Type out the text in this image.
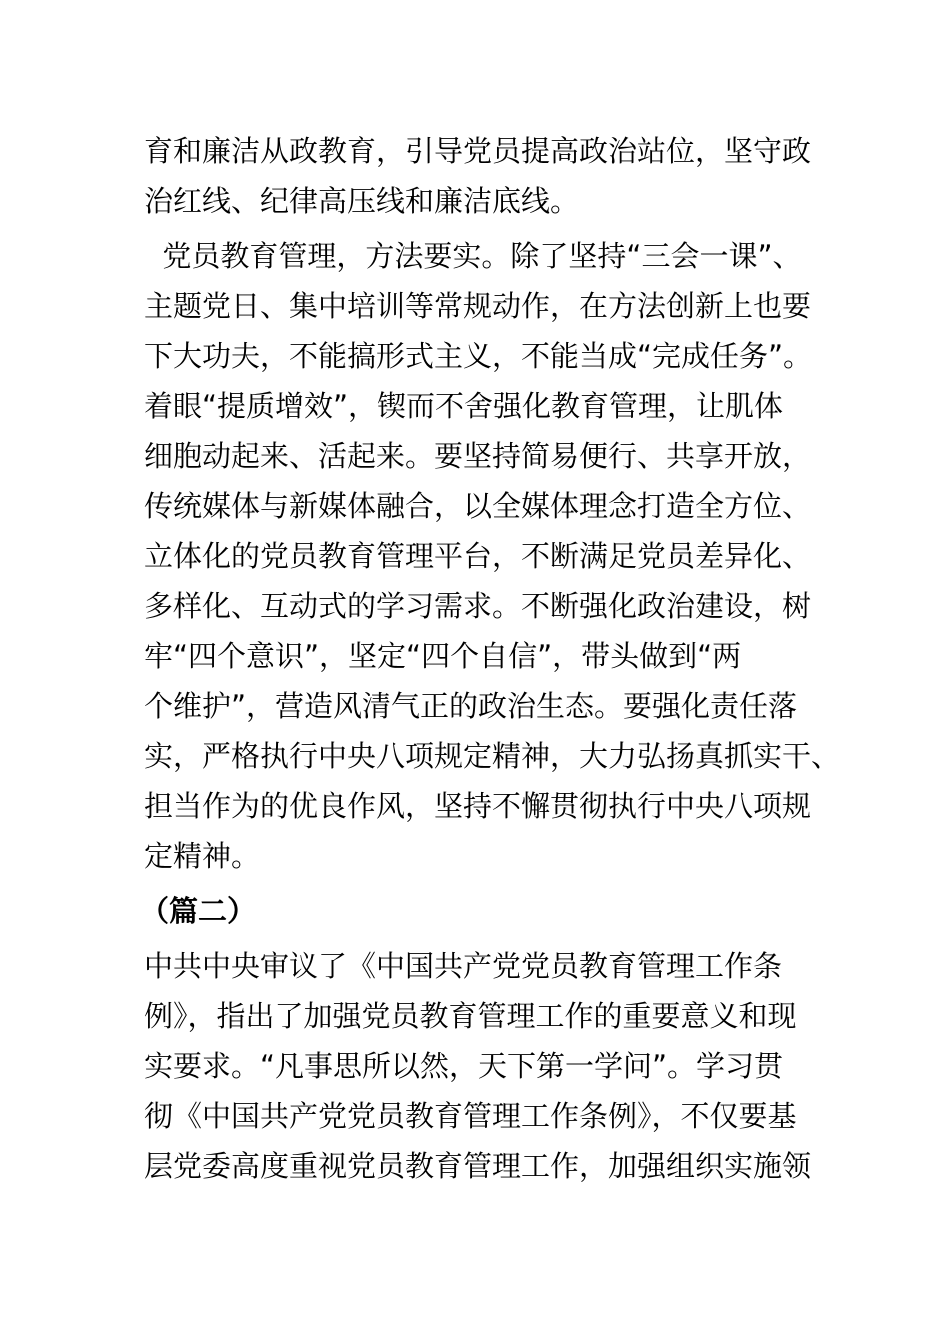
育和廉洁从政教育，引导党员提高政治站位，坚守政
治红线、纪律高压线和廉洁底线。
党员教育管理，方法要实。除了坚持“三会一课”、
主题党日、集中培训等常规动作，在方法创新上也要
下大功夫，不能搞形式主义，不能当成“完成任务”。
着眼“提质增效”，锲而不舍强化教育管理，让肌体
细胞动起来、活起来。要坚持简易便行、共享开放，
传统媒体与新媒体融合，以全媒体理念打造全方位、
立体化的党员教育管理平台，不断满足党员差异化、
多样化、互动式的学习需求。不断强化政治建设，树
牢“四个意识”，坚定“四个自信”，带头做到“两
个维护”，营造风清气正的政治生态。要强化责任落
实，严格执行中央八项规定精神，大力弘扬真抓实干、
担当作为的优良作风，坚持不懈贯彻执行中央八项规
定精神。
（篇二）
中共中央审议了《中国共产党党员教育管理工作条
例》，指出了加强党员教育管理工作的重要意义和现
实要求。“凡事思所以然，天下第一学问”。学习贯
彻《中国共产党党员教育管理工作条例》，不仅要基
层党委高度重视党员教育管理工作，加强组织实施领
